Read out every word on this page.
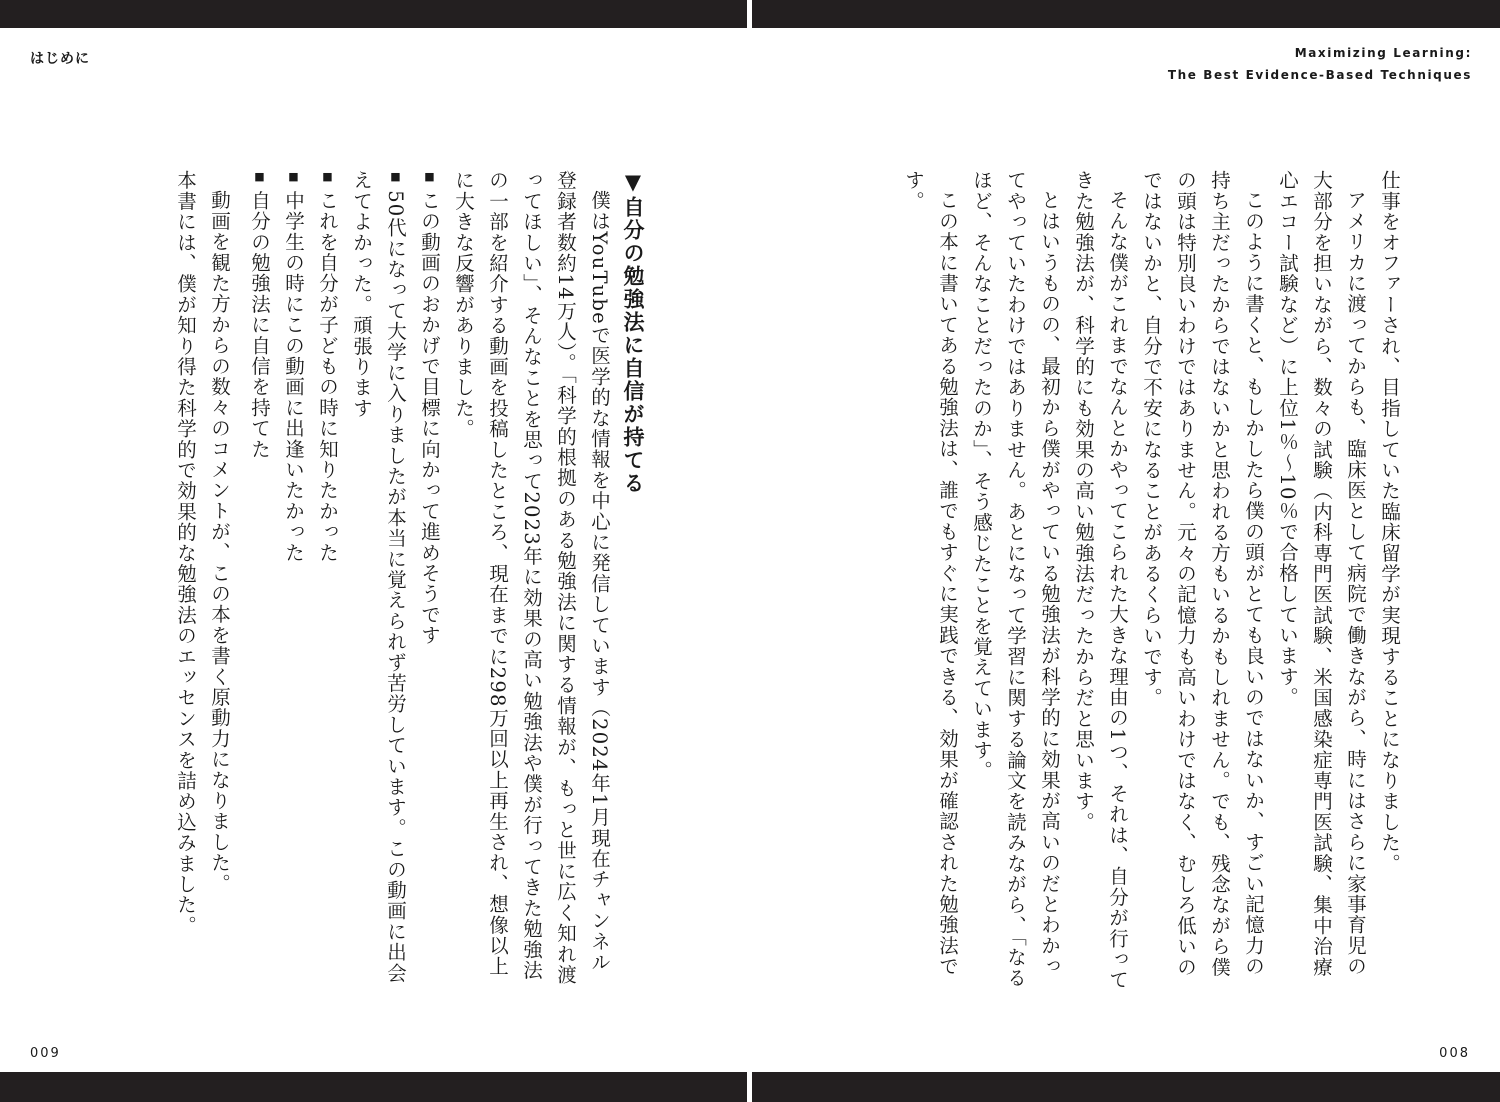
はじめに	Maximizing Learning:
The Best Evidence-Based Techniques

仕事をオファーされ、目指していた臨床留学が実現することになりました。

アメリカに渡ってからも、臨床医として病院で働きながら、時にはさらに家事育児の大部分を担いながら、数々の試験（内科専門医試験、米国感染症専門医試験、集中治療心エコー試験など）に上位1％～10％で合格しています。

このように書くと、もしかしたら僕の頭がとても良いのではないか、すごい記憶力の持ち主だったからではないかと思われる方もいるかもしれません。でも、残念ながら僕の頭は特別良いわけではありません。元々の記憶力も高いわけではなく、むしろ低いのではないかと、自分で不安になることがあるくらいです。

そんな僕がこれまでなんとかやってこられた大きな理由の1つ、それは、自分が行ってきた勉強法が、科学的にも効果の高い勉強法だったからだと思います。

とはいうものの、最初から僕がやっている勉強法が科学的に効果が高いのだとわかってやっていたわけではありません。あとになって学習に関する論文を読みながら、「なるほど、そんなことだったのか」、そう感じたことを覚えています。

この本に書いてある勉強法は、誰でもすぐに実践できる、効果が確認された勉強法です。

▼自分の勉強法に自信が持てる

僕はYouTubeで医学的な情報を中心に発信しています（2024年1月現在チャンネル登録者数約14万人）。「科学的根拠のある勉強法に関する情報が、もっと世に広く知れ渡ってほしい」、そんなことを思って2023年に効果の高い勉強法や僕が行ってきた勉強法の一部を紹介する動画を投稿したところ、現在までに298万回以上再生され、想像以上に大きな反響がありました。

■この動画のおかげで目標に向かって進めそうです
■50代になって大学に入りましたが本当に覚えられず苦労しています。この動画に出会えてよかった。頑張ります
■これを自分が子どもの時に知りたかった
■中学生の時にこの動画に出逢いたかった
■自分の勉強法に自信を持てた

動画を観た方からの数々のコメントが、この本を書く原動力になりました。

本書には、僕が知り得た科学的で効果的な勉強法のエッセンスを詰め込みました。

009	008
